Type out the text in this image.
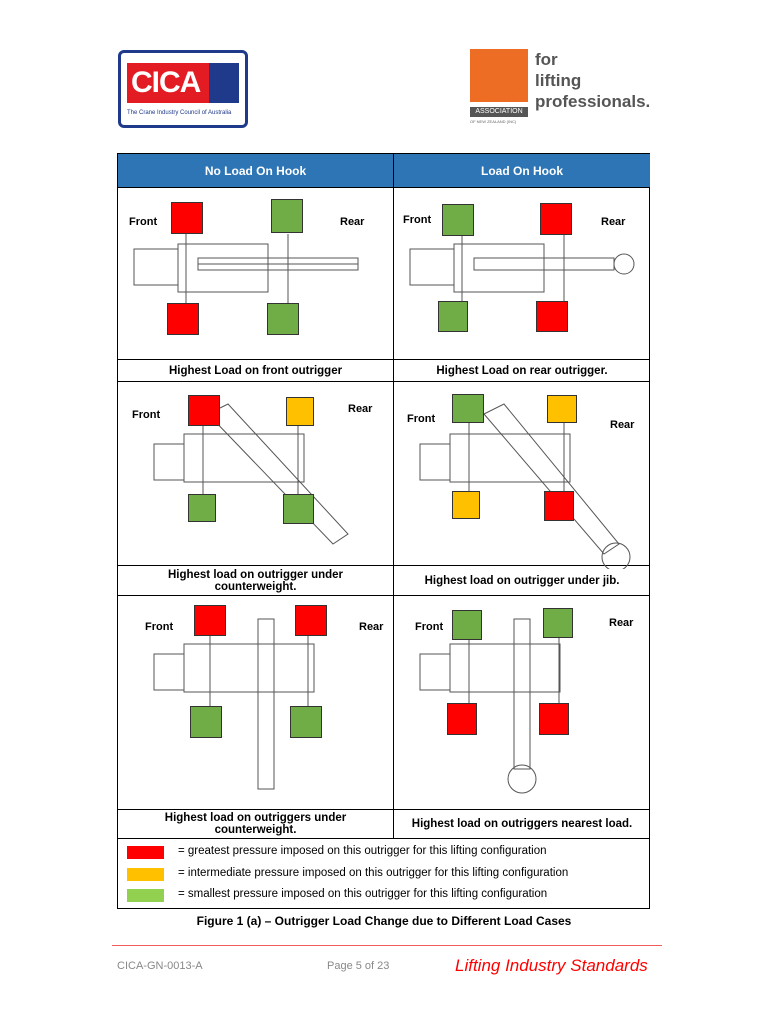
CICA
The Crane Industry Council of Australia
crane
ASSOCIATION
OF NEW ZEALAND (INC)
for
lifting
professionals.
No Load On Hook	Load On Hook
Highest Load on front outrigger	Highest Load on rear outrigger.
Highest load on outrigger under counterweight.	Highest load on outrigger under jib.
Highest load on outriggers under counterweight.	Highest load on outriggers nearest load.
Front	Rear	Front	Rear
Front	Rear
Front	Rear
Front	Rear	Front	Rear
= greatest pressure imposed on this outrigger for this lifting configuration
= intermediate pressure imposed on this outrigger for this lifting configuration
= smallest pressure imposed on this outrigger for this lifting configuration
Figure 1 (a) – Outrigger Load Change due to Different Load Cases
CICA-GN-0013-A	Page 5 of 23	Lifting Industry Standards
